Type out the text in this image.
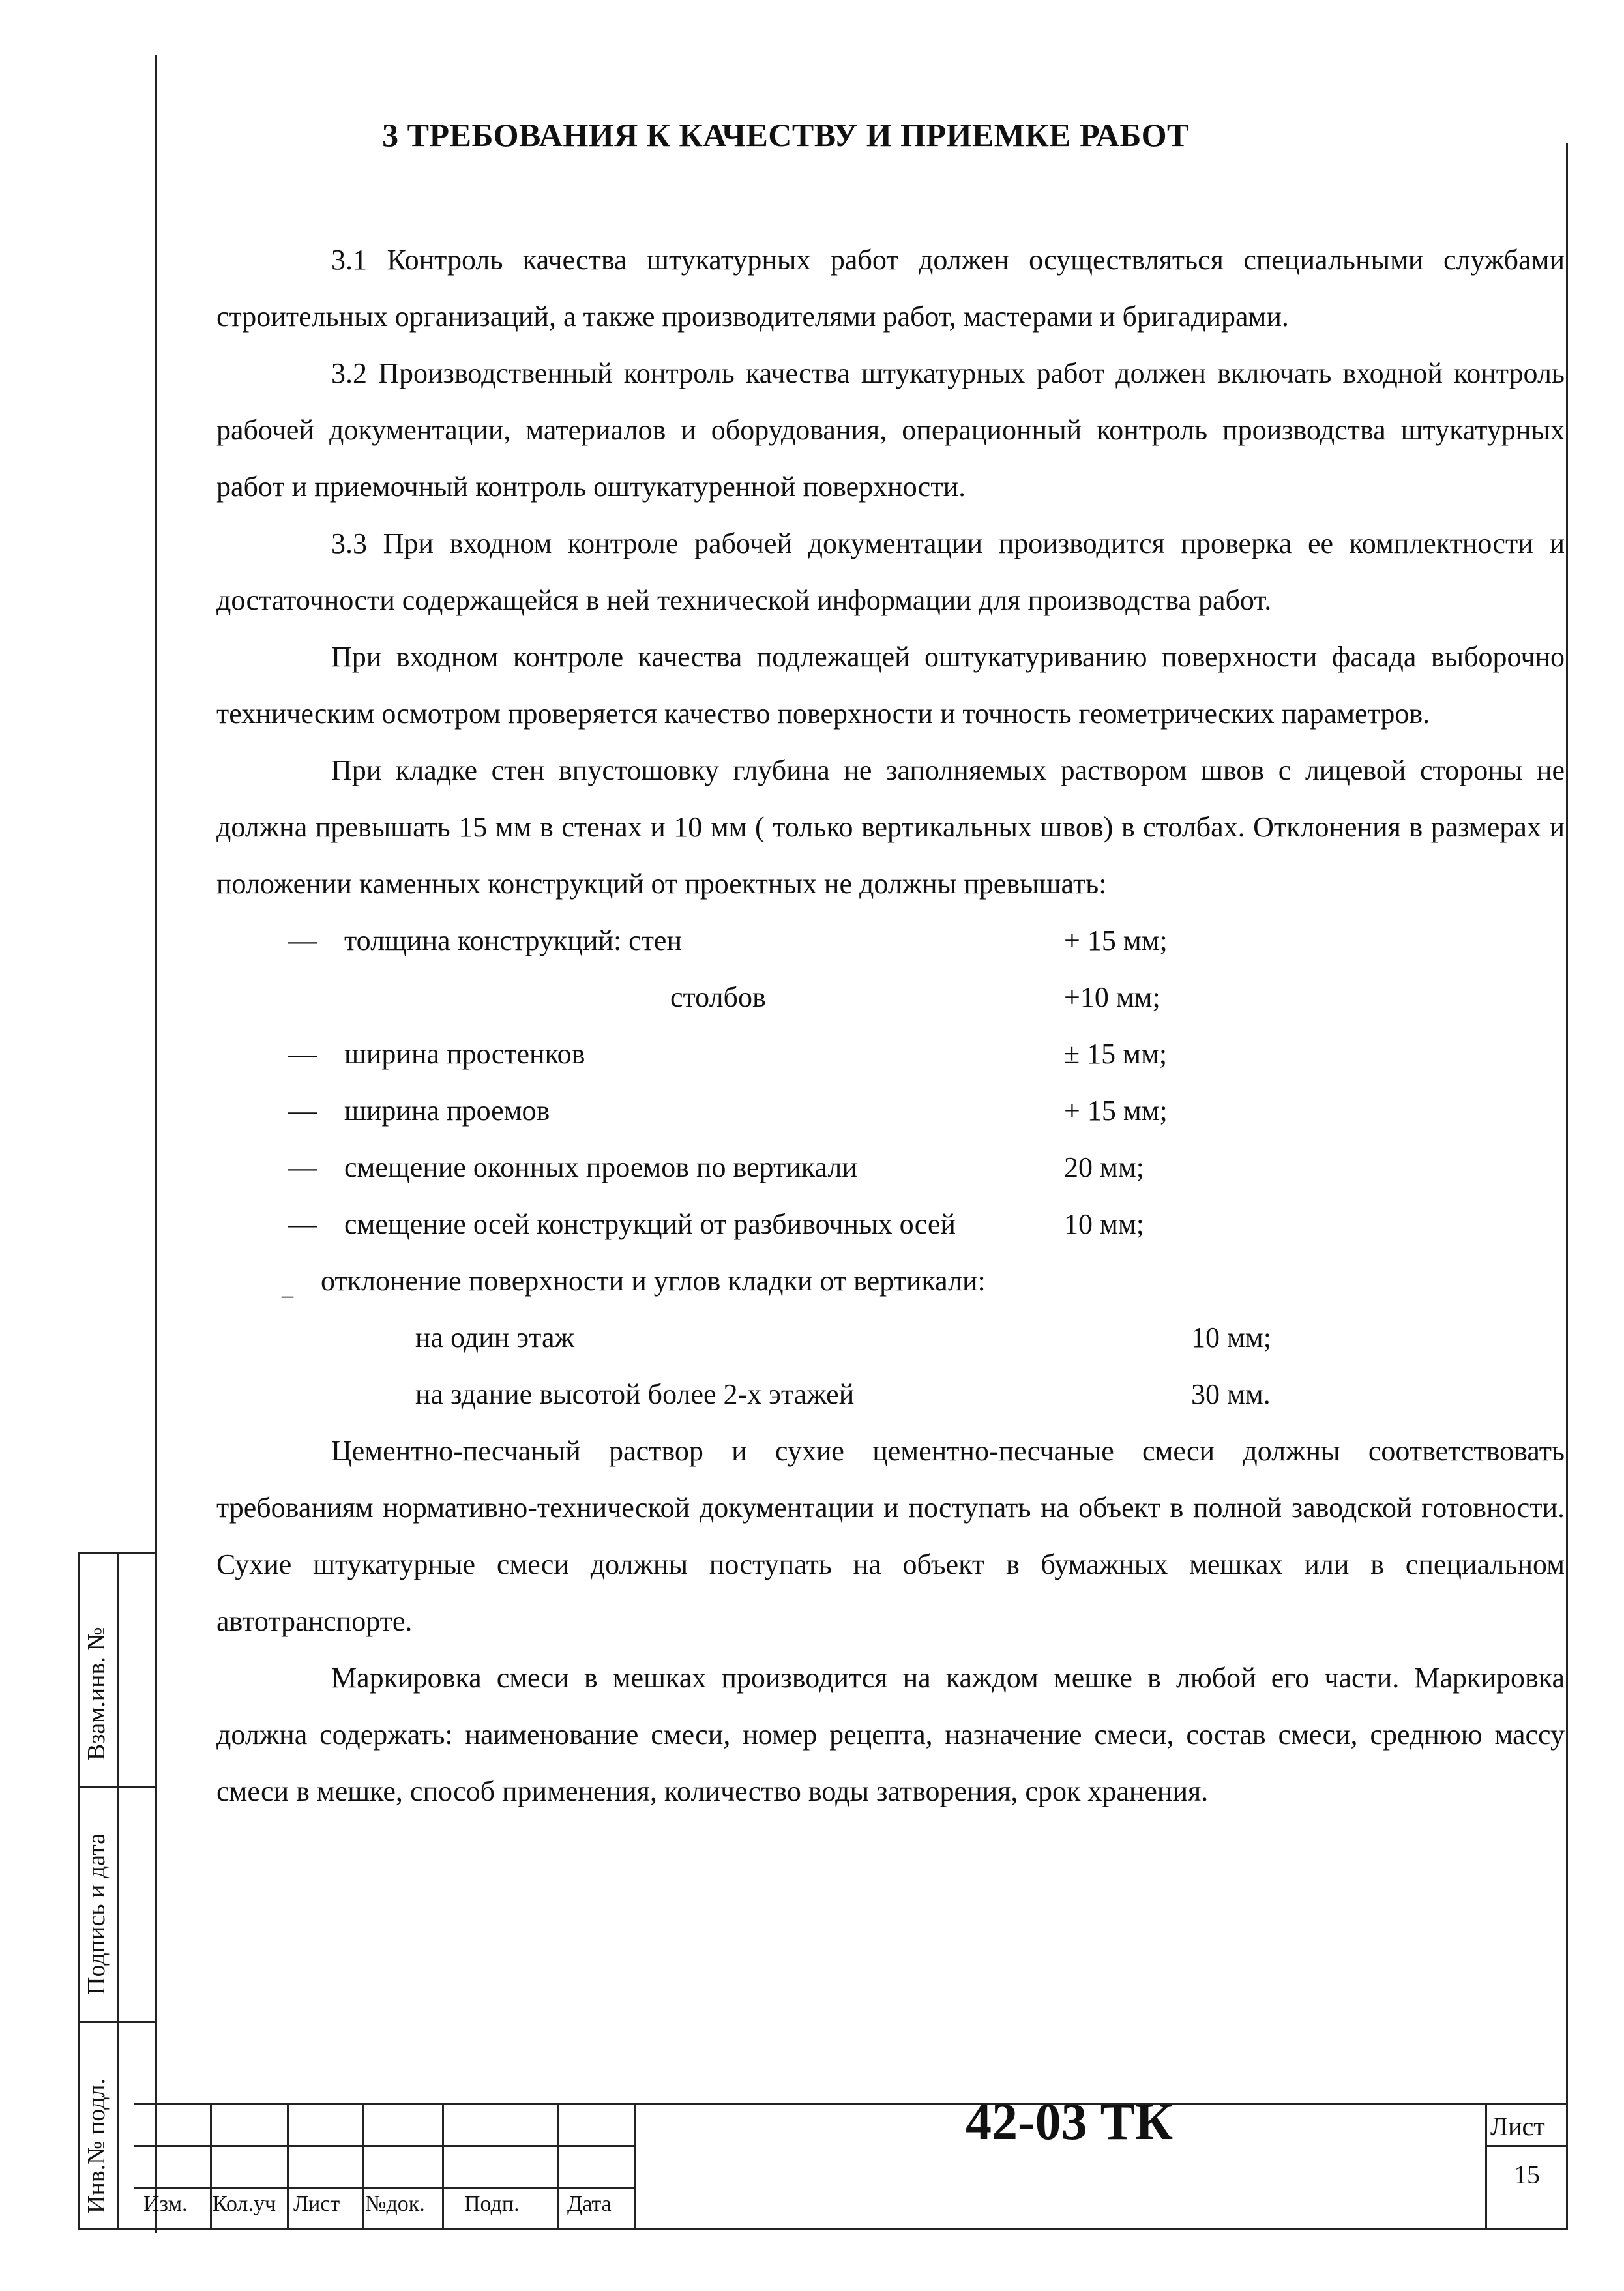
3 ТРЕБОВАНИЯ К КАЧЕСТВУ И ПРИЕМКЕ РАБОТ

3.1 Контроль качества штукатурных работ должен осуществляться специальными службами строительных организаций, а также производителями работ, мастерами и бригадирами.

3.2 Производственный контроль качества штукатурных работ должен включать входной контроль рабочей документации, материалов и оборудования, операционный контроль производства штукатурных работ и приемочный контроль оштукатуренной поверхности.

3.3 При входном контроле рабочей документации производится проверка ее комплектности и достаточности содержащейся в ней технической информации для производства работ.

При входном контроле качества подлежащей оштукатуриванию поверхности фасада выборочно техническим осмотром проверяется качество поверхности и точность геометрических параметров.

При кладке стен впустошовку глубина не заполняемых раствором швов с лицевой стороны не должна превышать 15 мм в стенах и 10 мм ( только вертикальных швов) в столбах. Отклонения в размерах и положении каменных конструкций от проектных не должны превышать:

— толщина конструкций: стен	+ 15 мм;
столбов	+10 мм;
— ширина простенков	± 15 мм;
— ширина проемов	+ 15 мм;
— смещение оконных проемов по вертикали	20 мм;
— смещение осей конструкций от разбивочных осей	10 мм;
_ отклонение поверхности и углов кладки от вертикали:
на один этаж	10 мм;
на здание высотой более 2-х этажей	30 мм.

Цементно-песчаный раствор и сухие цементно-песчаные смеси должны соответствовать требованиям нормативно-технической документации и поступать на объект в полной заводской готовности. Сухие штукатурные смеси должны поступать на объект в бумажных мешках или в специальном автотранспорте.

Маркировка смеси в мешках производится на каждом мешке в любой его части. Маркировка должна содержать: наименование смеси, номер рецепта, назначение смеси, состав смеси, среднюю массу смеси в мешке, способ применения, количество воды затворения, срок хранения.

Взам.инв. №
Подпись и дата
Инв.№ подл. Изм. Кол.уч Лист №док. Подп. Дата
42-03 ТК	Лист
15
